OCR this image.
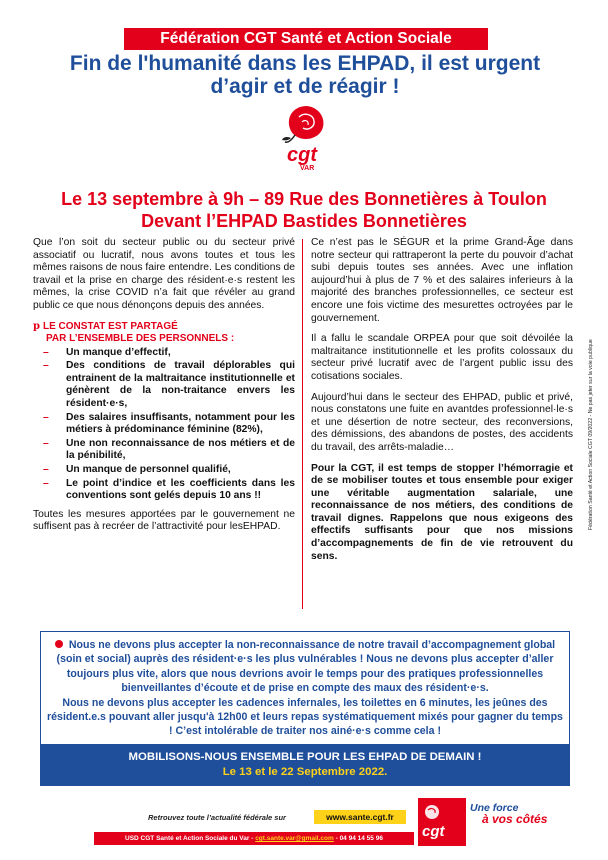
Fédération CGT Santé et Action Sociale
Fin de l'humanité dans les EHPAD, il est urgent
d’agir et de réagir !
cgt
VAR
Le 13 septembre à 9h – 89 Rue des Bonnetières à Toulon
Devant l’EHPAD Bastides Bonnetières

Que l’on soit du secteur public ou du secteur privé associatif ou lucratif, nous avons toutes et tous les mêmes raisons de nous faire entendre. Les conditions de travail et la prise en charge des résident·e·s restent les mêmes, la crise COVID n’a fait que révéler au grand public ce que nous dénonçons depuis des années.

p LE CONSTAT EST PARTAGÉ
PAR L’ENSEMBLE DES PERSONNELS :
– Un manque d’effectif,
– Des conditions de travail déplorables qui entrainent de la maltraitance institutionnelle et génèrent de la non-traitance envers les résident·e·s,
– Des salaires insuffisants, notamment pour les métiers à prédominance féminine (82%),
– Une non reconnaissance de nos métiers et de la pénibilité,
– Un manque de personnel qualifié,
– Le point d’indice et les coefficients dans les conventions sont gelés depuis 10 ans !!

Toutes les mesures apportées par le gouvernement ne suffisent pas à recréer de l’attractivité pour lesEHPAD.

Ce n’est pas le SÉGUR et la prime Grand-Âge dans notre secteur qui rattraperont la perte du pouvoir d’achat subi depuis toutes ses années. Avec une inflation aujourd’hui à plus de 7 % et des salaires inferieurs à la majorité des branches professionnelles, ce secteur est encore une fois victime des mesurettes octroyées par le gouvernement.

Il a fallu le scandale ORPEA pour que soit dévoilée la maltraitance institutionnelle et les profits colossaux du secteur privé lucratif avec de l’argent public issu des cotisations sociales.

Aujourd’hui dans le secteur des EHPAD, public et privé, nous constatons une fuite en avantdes professionnel·le·s et une désertion de notre secteur, des reconversions, des démissions, des abandons de postes, des accidents du travail, des arrêts-maladie…

Pour la CGT, il est temps de stopper l’hémorragie et de se mobiliser toutes et tous ensemble pour exiger une véritable augmentation salariale, une reconnaissance de nos métiers, des conditions de travail dignes. Rappelons que nous exigeons des effectifs suffisants pour que nos missions d’accompagnements de fin de vie retrouvent du sens.

Fédération Santé et Action Sociale CGT 09/2022 - Ne pas jeter sur la voie publique
Nous ne devons plus accepter la non-reconnaissance de notre travail d’accompagnement global (soin et social) auprès des résident·e·s les plus vulnérables ! Nous ne devons plus accepter d’aller toujours plus vite, alors que nous devrions avoir le temps pour des pratiques professionnelles bienveillantes d’écoute et de prise en compte des maux des résident·e·s.
Nous ne devons plus accepter les cadences infernales, les toilettes en 6 minutes, les jeûnes des résident.e.s pouvant aller jusqu'à 12h00 et leurs repas systématiquement mixés pour gagner du temps ! C’est intolérable de traiter nos ainé·e·s comme cela !
MOBILISONS-NOUS ENSEMBLE POUR LES EHPAD DE DEMAIN !
Le 13 et le 22 Septembre 2022.
Retrouvez toute l’actualité fédérale sur	www.sante.cgt.fr
USD CGT Santé et Action Sociale du Var - cgt.sante.var@gmail.com - 04 94 14 55 96	cgt
Une force
à vos côtés
